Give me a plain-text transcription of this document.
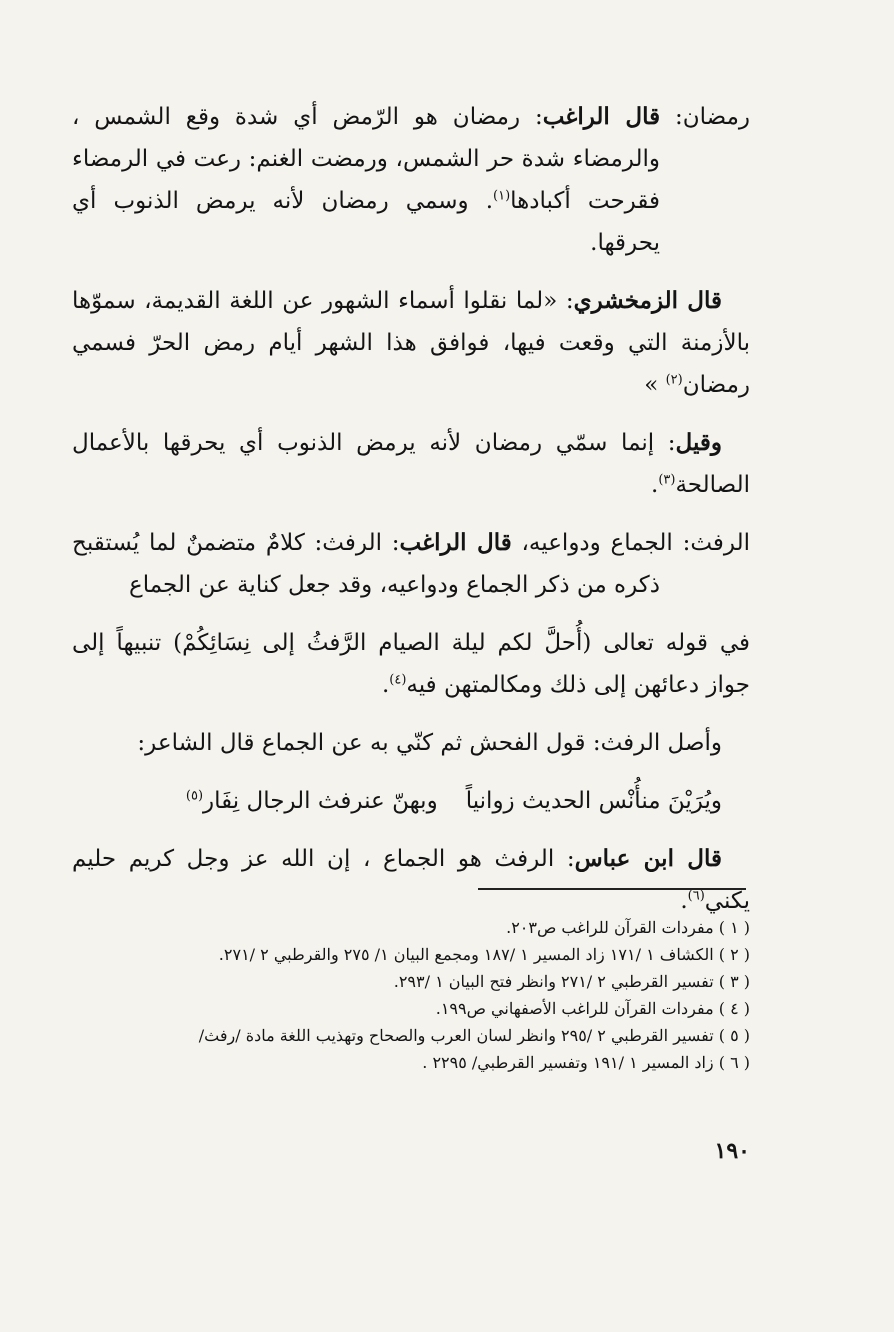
رمضان: قال الراغب: رمضان هو الرّمض أي شدة وقع الشمس ، والرمضاء شدة حر الشمس، ورمضت الغنم: رعت في الرمضاء فقرحت أكبادها$^{(١)}$. وسمي رمضان لأنه يرمض الذنوب أي يحرقها.

قال الزمخشري: «لما نقلوا أسماء الشهور عن اللغة القديمة، سموّها بالأزمنة التي وقعت فيها، فوافق هذا الشهر أيام رمض الحرّ فسمي رمضان$^{(٢)}$ »

وقيل: إنما سمّي رمضان لأنه يرمض الذنوب أي يحرقها بالأعمال الصالحة$^{(٣)}$.

الرفث: الجماع ودواعيه، قال الراغب: الرفث: كلامٌ متضمنٌ لما يُستقبح ذكره من ذكر الجماع ودواعيه، وقد جعل كناية عن الجماع

في قوله تعالى (أُحلَّ لكم ليلة الصيام الرَّفثُ إلى نِسَائِكُمْ) تنبيهاً إلى جواز دعائهن إلى ذلك ومكالمتهن فيه$^{(٤)}$.

وأصل الرفث: قول الفحش ثم كنّي به عن الجماع قال الشاعر:

ويُرَيْنَ منأُنْس الحديث زوانياًوبهنّ عنرفث الرجال نِفَار$^{(٥)}$

قال ابن عباس: الرفث هو الجماع ، إن الله عز وجل كريم حليم يكني$^{(٦)}$.

( ١ ) مفردات القرآن للراغب ص٢٠٣.

( ٢ ) الكشاف ١ /١٧١ زاد المسير ١ /١٨٧ ومجمع البيان ١/ ٢٧٥ والقرطبي ٢ /٢٧١.

( ٣ ) تفسير القرطبي ٢ /٢٧١ وانظر فتح البيان ١ /٢٩٣.

( ٤ ) مفردات القرآن للراغب الأصفهاني ص١٩٩.

( ٥ ) تفسير القرطبي ٢ /٢٩٥ وانظر لسان العرب والصحاح وتهذيب اللغة مادة /رفث/

( ٦ ) زاد المسير ١ /١٩١ وتفسير القرطبي/ ٢٢٩٥ .

١٩٠
